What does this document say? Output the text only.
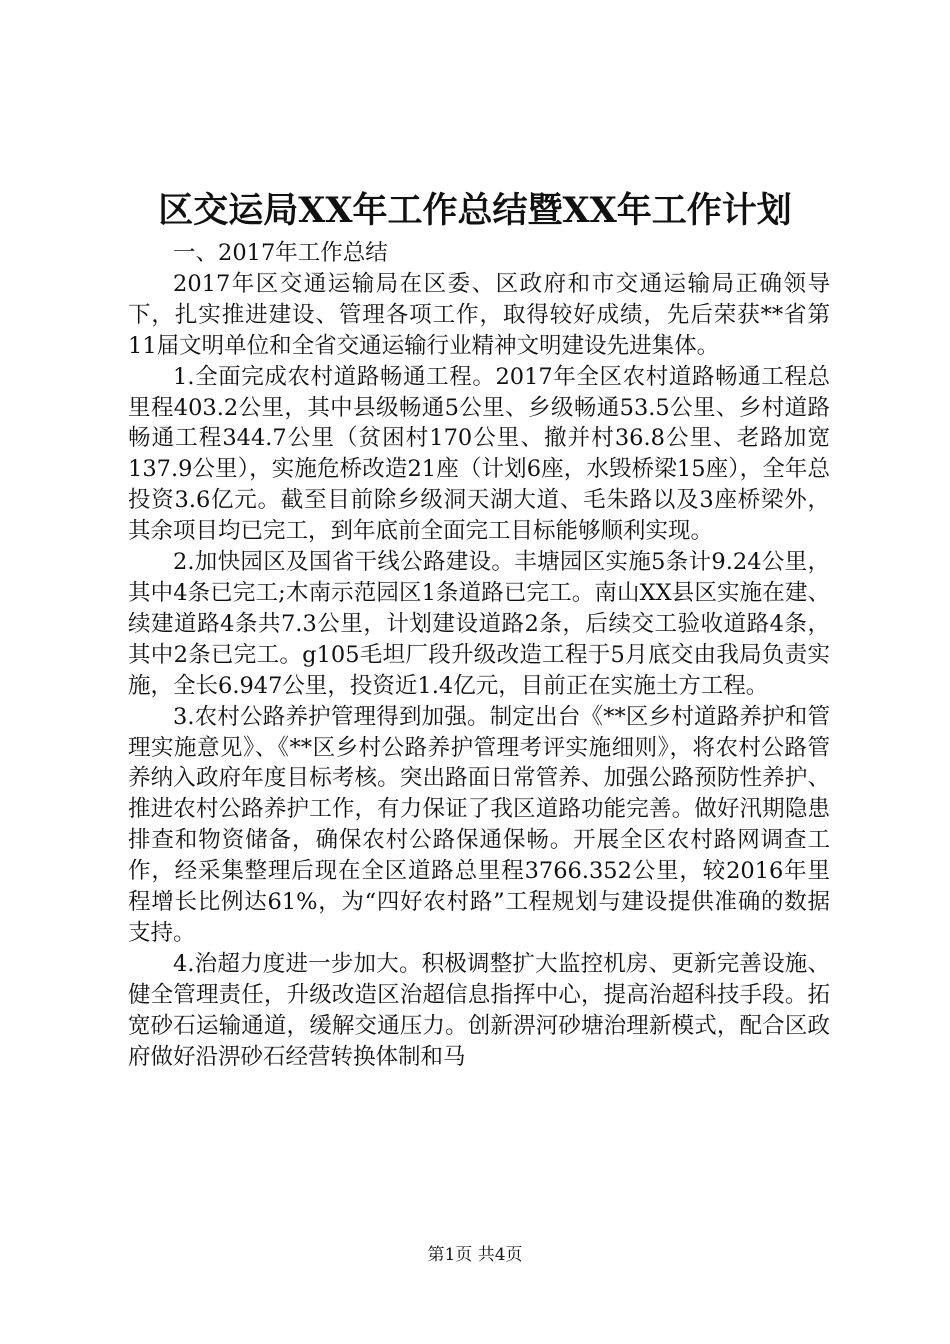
区交运局XX年工作总结暨XX年工作计划

一、2017年工作总结

2017年区交通运输局在区委、区政府和市交通运输局正确领导下，扎实推进建设、管理各项工作，取得较好成绩，先后荣获**省第11届文明单位和全省交通运输行业精神文明建设先进集体。

1.全面完成农村道路畅通工程。2017年全区农村道路畅通工程总里程403.2公里，其中县级畅通5公里、乡级畅通53.5公里、乡村道路畅通工程344.7公里（贫困村170公里、撤并村36.8公里、老路加宽137.9公里），实施危桥改造21座（计划6座，水毁桥梁15座），全年总投资3.6亿元。截至目前除乡级洞天湖大道、毛朱路以及3座桥梁外，其余项目均已完工，到年底前全面完工目标能够顺利实现。

2.加快园区及国省干线公路建设。丰塘园区实施5条计9.24公里，其中4条已完工;木南示范园区1条道路已完工。南山XX县区实施在建、续建道路4条共7.3公里，计划建设道路2条，后续交工验收道路4条，其中2条已完工。g105毛坦厂段升级改造工程于5月底交由我局负责实施，全长6.947公里，投资近1.4亿元，目前正在实施土方工程。

3.农村公路养护管理得到加强。制定出台《**区乡村道路养护和管理实施意见》、《**区乡村公路养护管理考评实施细则》，将农村公路管养纳入政府年度目标考核。突出路面日常管养、加强公路预防性养护、推进农村公路养护工作，有力保证了我区道路功能完善。做好汛期隐患排查和物资储备，确保农村公路保通保畅。开展全区农村路网调查工作，经采集整理后现在全区道路总里程3766.352公里，较2016年里程增长比例达61%，为“四好农村路”工程规划与建设提供准确的数据支持。

4.治超力度进一步加大。积极调整扩大监控机房、更新完善设施、健全管理责任，升级改造区治超信息指挥中心，提高治超科技手段。拓宽砂石运输通道，缓解交通压力。创新淠河砂塘治理新模式，配合区政府做好沿淠砂石经营转换体制和马

第1页 共4页
